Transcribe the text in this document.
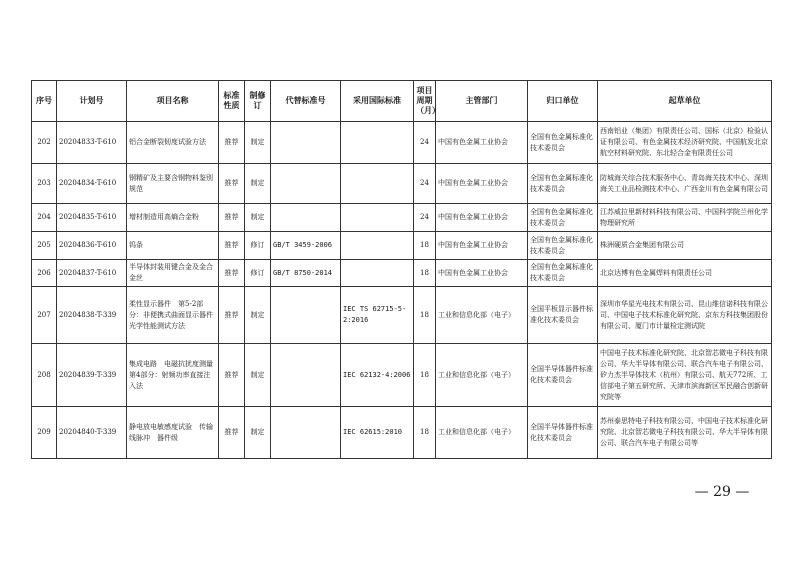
序号	计划号	项目名称	标准性质	制修订	代替标准号	采用国际标准	项目周期（月）	主管部门	归口单位	起草单位
202	20204833-T-610	铝合金断裂韧度试验方法	推荐	制定			24	中国有色金属工业协会	全国有色金属标准化技术委员会	西南铝业（集团）有限责任公司、国标（北京）检验认证有限公司、有色金属技术经济研究院、中国航发北京航空材料研究院、东北轻合金有限责任公司
203	20204834-T-610	钢精矿及主要含钢物料鉴别规范	推荐	制定			24	中国有色金属工业协会	全国有色金属标准化技术委员会	防城海关综合技术服务中心、青岛海关技术中心、深圳海关工业品检测技术中心、广西金川有色金属有限公司
204	20204835-T-610	增材制造用高熵合金粉	推荐	制定			24	中国有色金属工业协会	全国有色金属标准化技术委员会	江苏威拉里新材料科技有限公司、中国科学院兰州化学物理研究所
205	20204836-T-610	钨条	推荐	修订	GB/T 3459-2006		18	中国有色金属工业协会	全国有色金属标准化技术委员会	株洲硬质合金集团有限公司
206	20204837-T-610	半导体封装用键合金及金合金丝	推荐	修订	GB/T 8750-2014		18	中国有色金属工业协会	全国有色金属标准化技术委员会	北京达博有色金属焊料有限责任公司
207	20204838-T-339	柔性显示器件　第5-2部分：非便携式曲面显示器件光学性能测试方法	推荐	制定		IEC TS 62715-5-2:2016	18	工业和信息化部（电子）	全国平板显示器件标准化技术委员会	深圳市华星光电技术有限公司、昆山维信诺科技有限公司、中国电子技术标准化研究院、京东方科技集团股份有限公司、厦门市计量检定测试院
208	20204839-T-339	集成电路　电磁抗扰度测量　第4部分：射频功率直接注入法	推荐	制定		IEC 62132-4:2006	18	工业和信息化部（电子）	全国半导体器件标准化技术委员会	中国电子技术标准化研究院、北京智芯微电子科技有限公司、华大半导体有限公司、联合汽车电子有限公司、矽力杰半导体技术（杭州）有限公司、航天772所、工信部电子第五研究所、天津市滨海新区军民融合创新研究院等
209	20204840-T-339	静电放电敏感度试验　传输线脉冲　器件级	推荐	制定		IEC 62615:2010	18	工业和信息化部（电子）	全国半导体器件标准化技术委员会	苏州泰思特电子科技有限公司、中国电子技术标准化研究院、北京智芯微电子科技有限公司、华大半导体有限公司、联合汽车电子有限公司等
— 29 —
